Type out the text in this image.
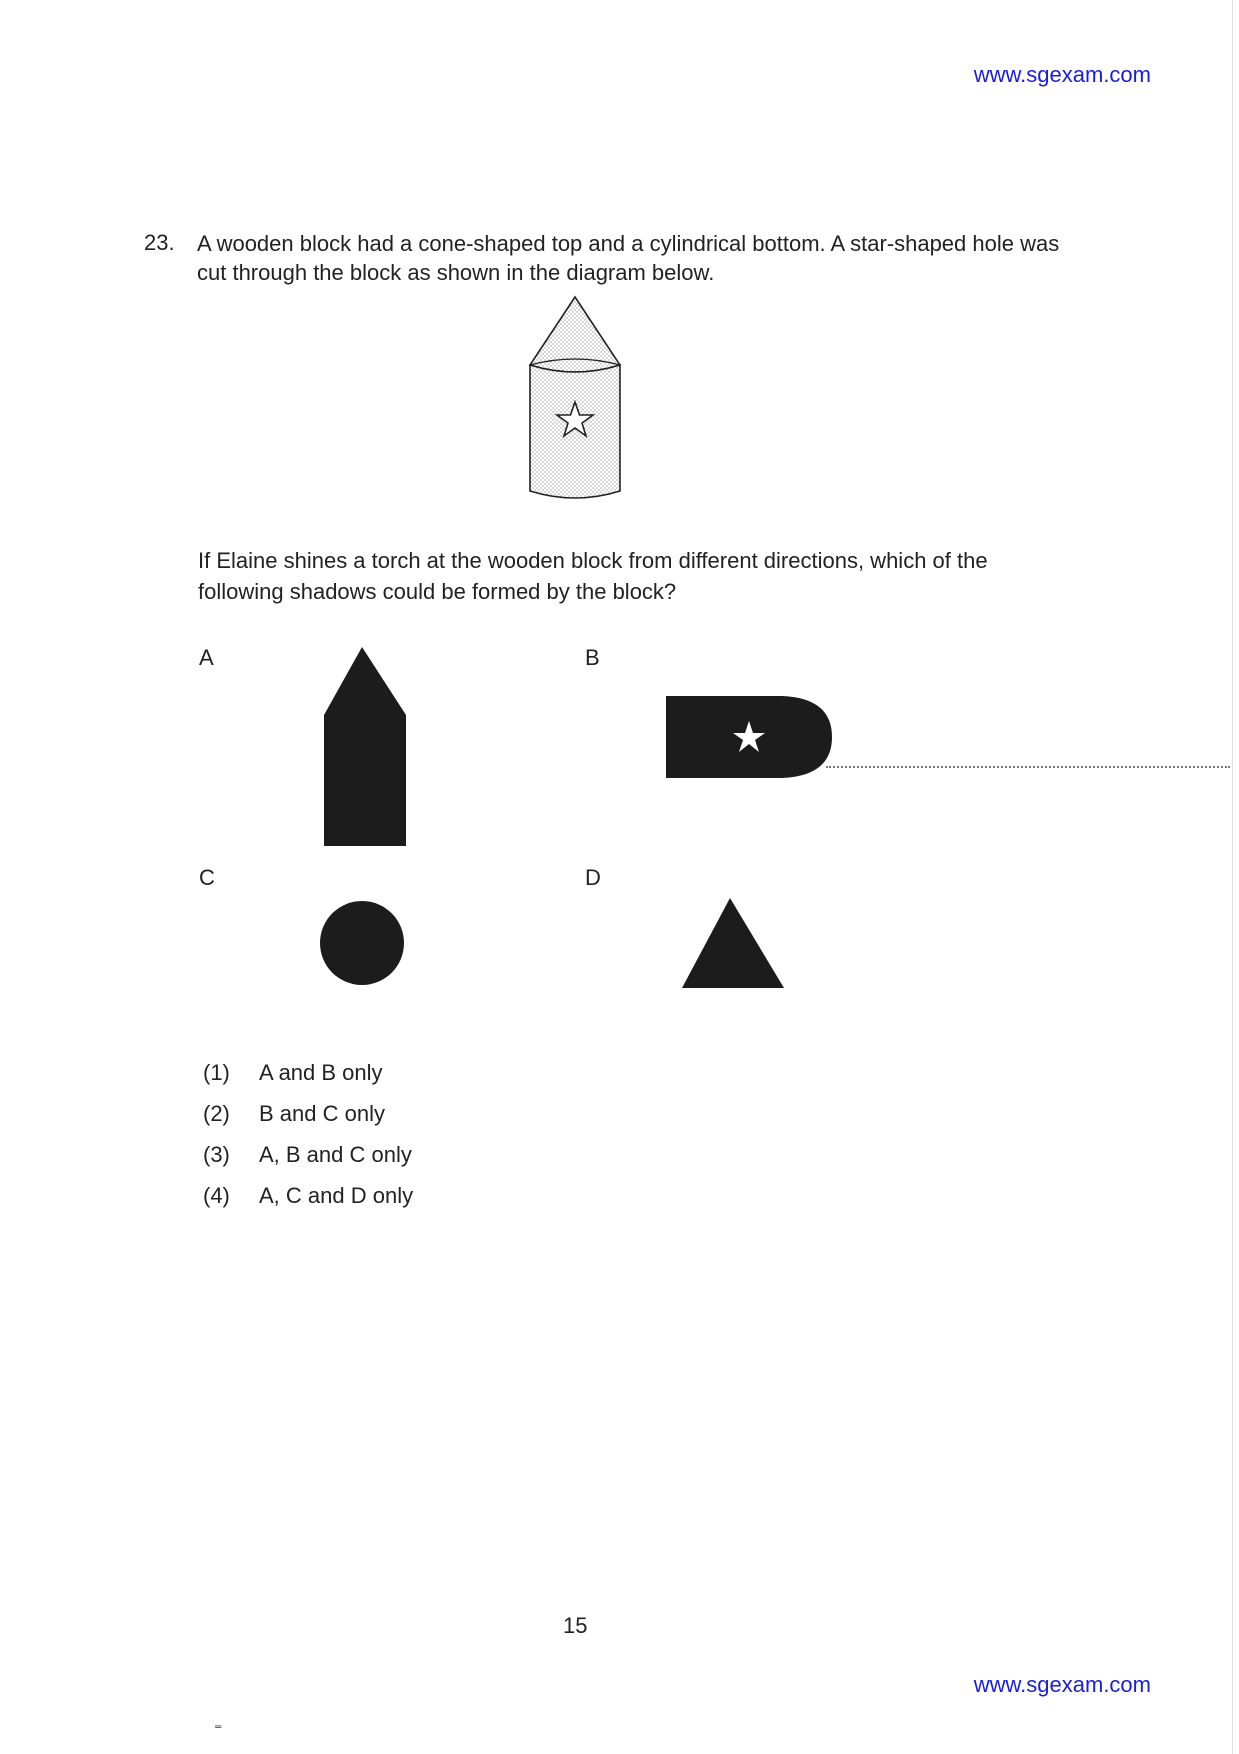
www.sgexam.com
23. A wooden block had a cone-shaped top and a cylindrical bottom. A star-shaped hole was cut through the block as shown in the diagram below.
If Elaine shines a torch at the wooden block from different directions, which of the following shadows could be formed by the block?
A	B
C	D
(1)	A and B only
(2)	B and C only
(3)	A, B and C only
(4)	A, C and D only
15
www.sgexam.com
⁼
